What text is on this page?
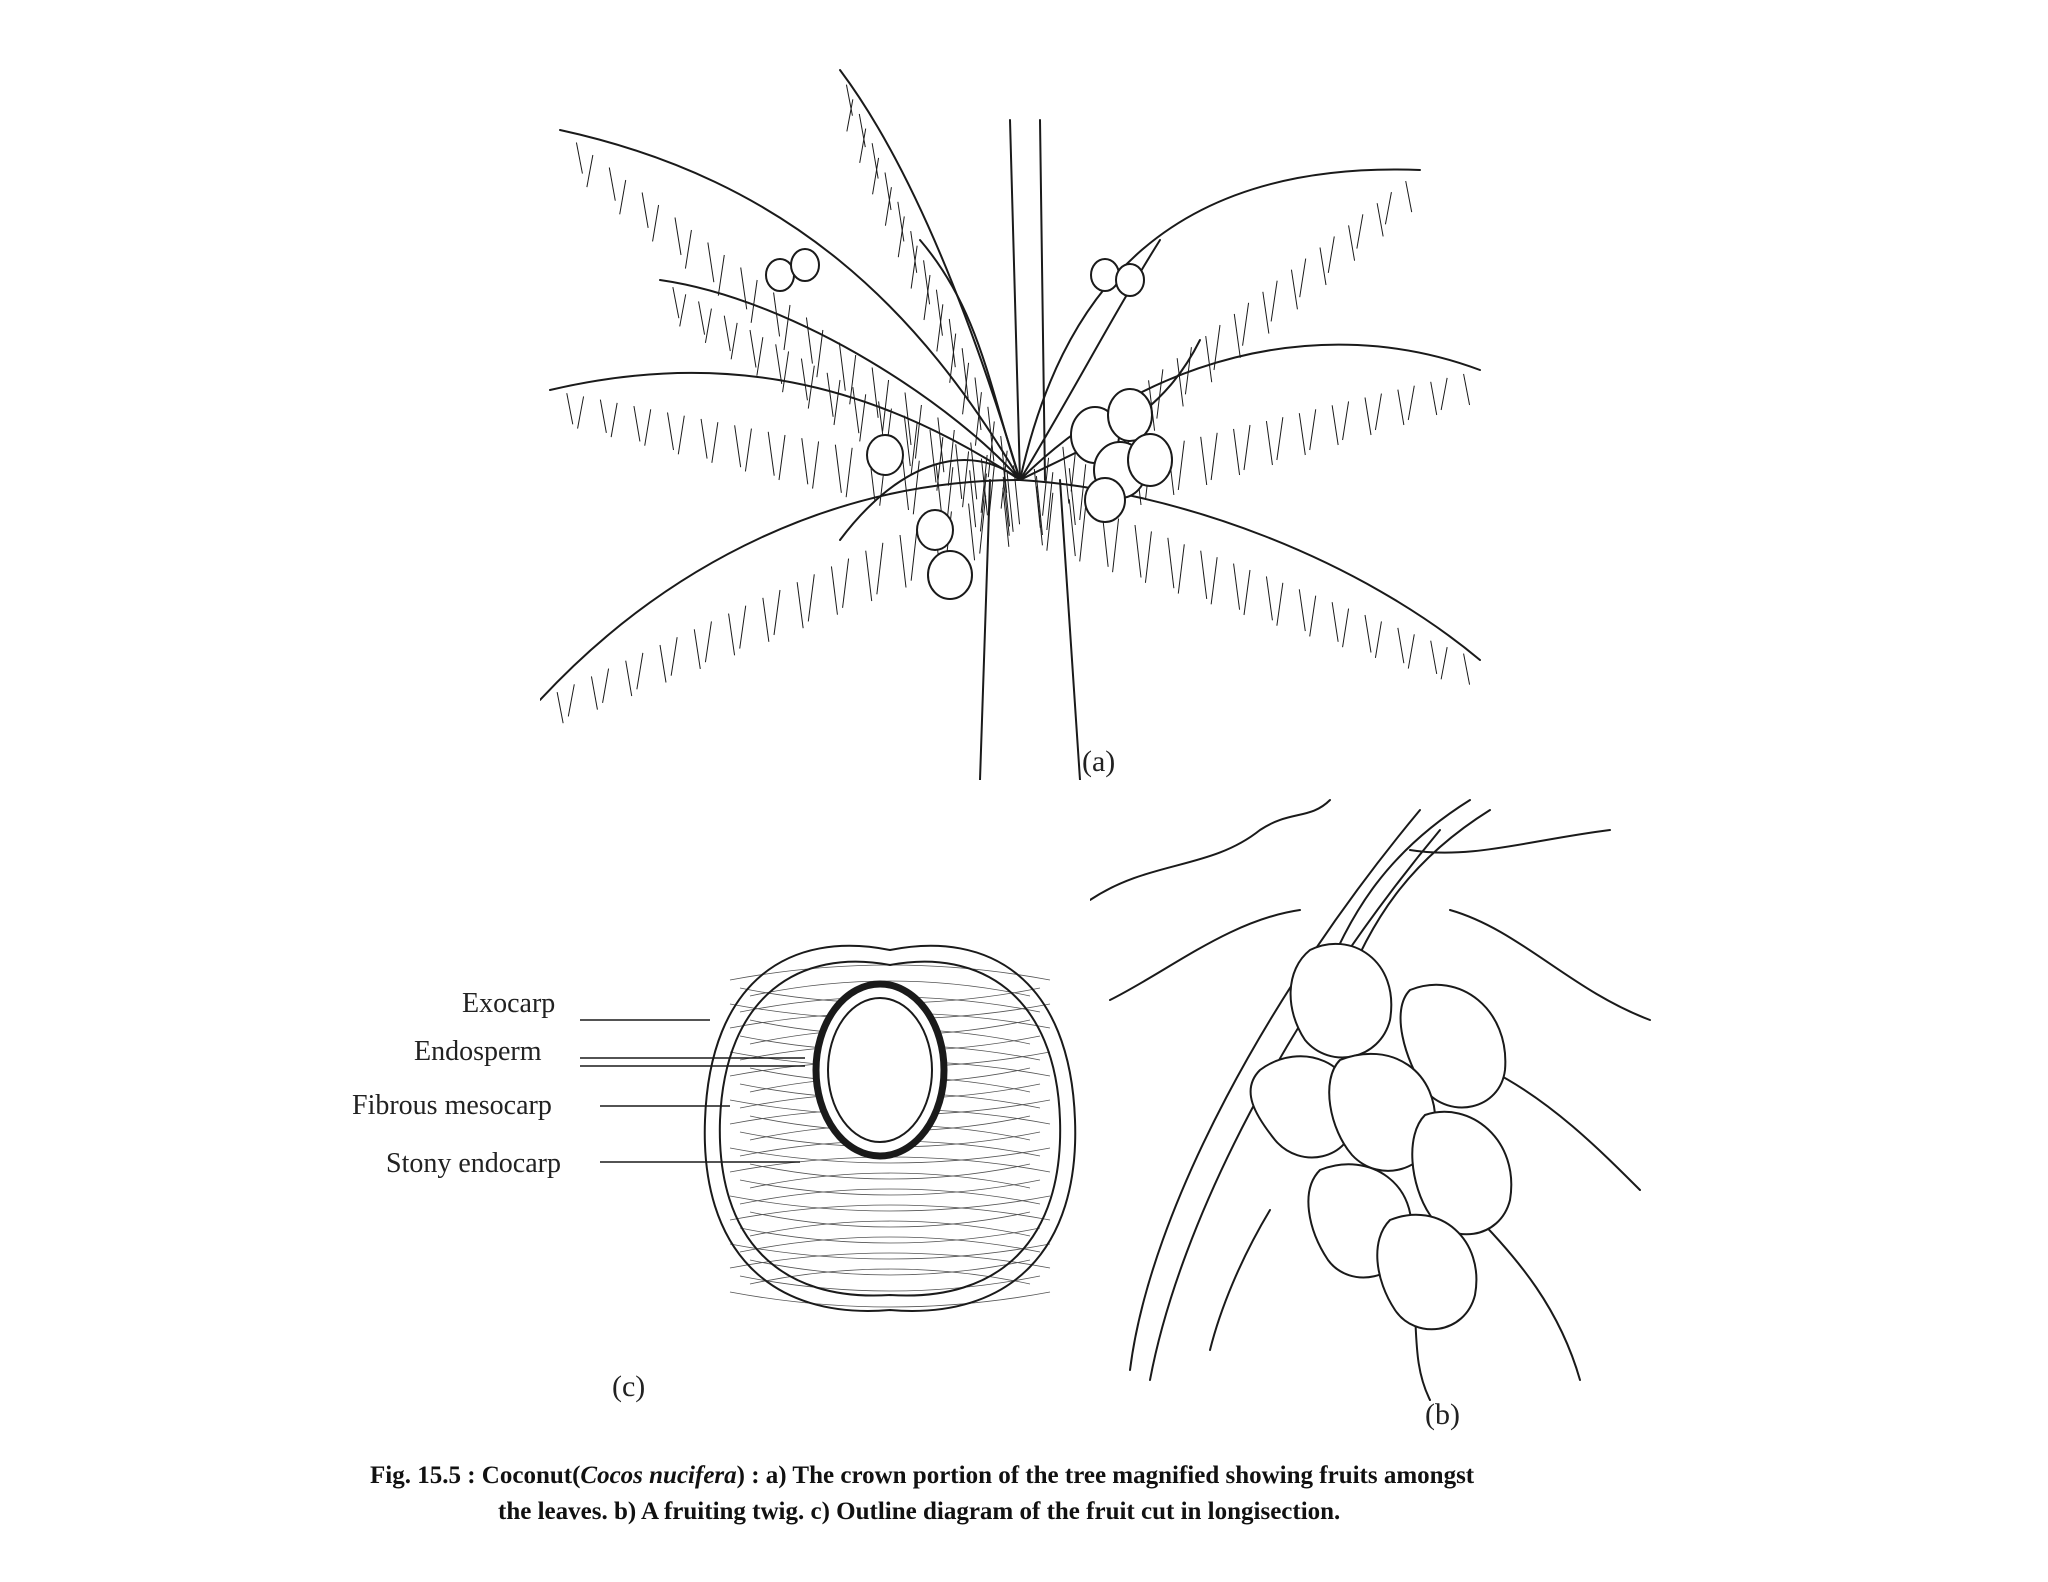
(a)
Exocarp
Endosperm
Fibrous mesocarp
Stony endocarp
(c)
(b)
Fig. 15.5 : Coconut(Cocos nucifera) : a) The crown portion of the tree magnified showing fruits amongst
the leaves. b) A fruiting twig. c) Outline diagram of the fruit cut in longisection.
